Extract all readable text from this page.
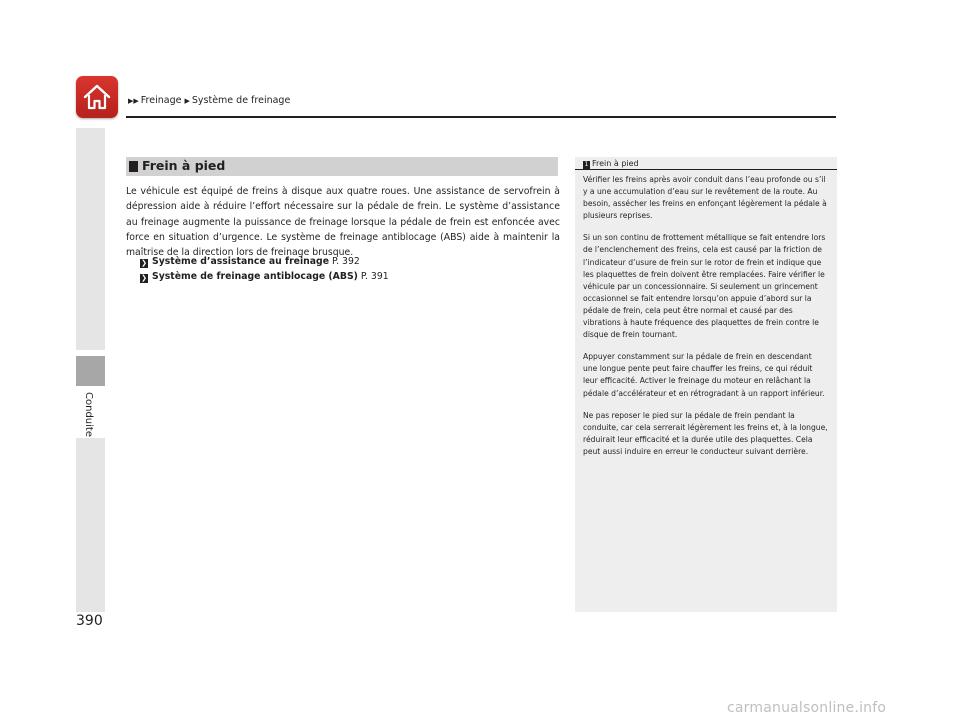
▶▶ Freinage ▶ Système de freinage
Conduite
390
Frein à pied
Le véhicule est équipé de freins à disque aux quatre roues. Une assistance de servofrein à dépression aide à réduire l’effort nécessaire sur la pédale de frein. Le système d’assistance au freinage augmente la puissance de freinage lorsque la pédale de frein est enfoncée avec force en situation d’urgence. Le système de freinage antiblocage (ABS) aide à maintenir la maîtrise de la direction lors de freinage brusque.
❯ Système d’assistance au freinage P. 392
❯ Système de freinage antiblocage (ABS) P. 391
1 Frein à pied

Vérifier les freins après avoir conduit dans l’eau profonde ou s’il y a une accumulation d’eau sur le revêtement de la route. Au besoin, assécher les freins en enfonçant légèrement la pédale à plusieurs reprises.

Si un son continu de frottement métallique se fait entendre lors de l’enclenchement des freins, cela est causé par la friction de l’indicateur d’usure de frein sur le rotor de frein et indique que les plaquettes de frein doivent être remplacées. Faire vérifier le véhicule par un concessionnaire. Si seulement un grincement occasionnel se fait entendre lorsqu’on appuie d’abord sur la pédale de frein, cela peut être normal et causé par des vibrations à haute fréquence des plaquettes de frein contre le disque de frein tournant.

Appuyer constamment sur la pédale de frein en descendant une longue pente peut faire chauffer les freins, ce qui réduit leur efficacité. Activer le freinage du moteur en relâchant la pédale d’accélérateur et en rétrogradant à un rapport inférieur.

Ne pas reposer le pied sur la pédale de frein pendant la conduite, car cela serrerait légèrement les freins et, à la longue, réduirait leur efficacité et la durée utile des plaquettes. Cela peut aussi induire en erreur le conducteur suivant derrière.

carmanualsonline.info
